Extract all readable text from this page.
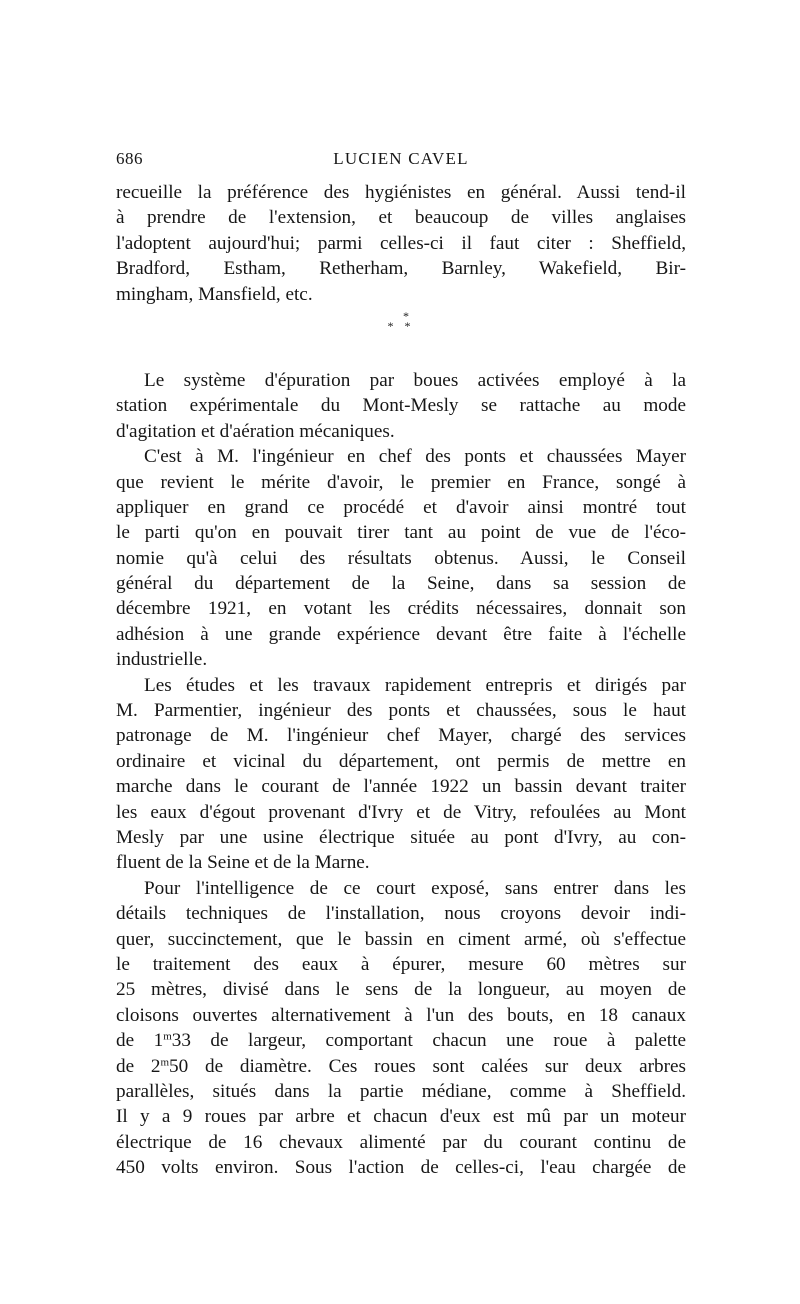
686	LUCIEN CAVEL
recueille la préférence des hygiénistes en général. Aussi tend-il
à prendre de l'extension, et beaucoup de villes anglaises
l'adoptent aujourd'hui; parmi celles-ci il faut citer : Sheffield,
Bradford, Estham, Retherham, Barnley, Wakefield, Bir-
mingham, Mansfield, etc.
*
* *
Le système d'épuration par boues activées employé à la
station expérimentale du Mont-Mesly se rattache au mode
d'agitation et d'aération mécaniques.
C'est à M. l'ingénieur en chef des ponts et chaussées Mayer
que revient le mérite d'avoir, le premier en France, songé à
appliquer en grand ce procédé et d'avoir ainsi montré tout
le parti qu'on en pouvait tirer tant au point de vue de l'éco-
nomie qu'à celui des résultats obtenus. Aussi, le Conseil
général du département de la Seine, dans sa session de
décembre 1921, en votant les crédits nécessaires, donnait son
adhésion à une grande expérience devant être faite à l'échelle
industrielle.
Les études et les travaux rapidement entrepris et dirigés par
M. Parmentier, ingénieur des ponts et chaussées, sous le haut
patronage de M. l'ingénieur chef Mayer, chargé des services
ordinaire et vicinal du département, ont permis de mettre en
marche dans le courant de l'année 1922 un bassin devant traiter
les eaux d'égout provenant d'Ivry et de Vitry, refoulées au Mont
Mesly par une usine électrique située au pont d'Ivry, au con-
fluent de la Seine et de la Marne.
Pour l'intelligence de ce court exposé, sans entrer dans les
détails techniques de l'installation, nous croyons devoir indi-
quer, succinctement, que le bassin en ciment armé, où s'effectue
le traitement des eaux à épurer, mesure 60 mètres sur
25 mètres, divisé dans le sens de la longueur, au moyen de
cloisons ouvertes alternativement à l'un des bouts, en 18 canaux
de 1$^m$33 de largeur, comportant chacun une roue à palette
de 2$^m$50 de diamètre. Ces roues sont calées sur deux arbres
parallèles, situés dans la partie médiane, comme à Sheffield.
Il y a 9 roues par arbre et chacun d'eux est mû par un moteur
électrique de 16 chevaux alimenté par du courant continu de
450 volts environ. Sous l'action de celles-ci, l'eau chargée de
